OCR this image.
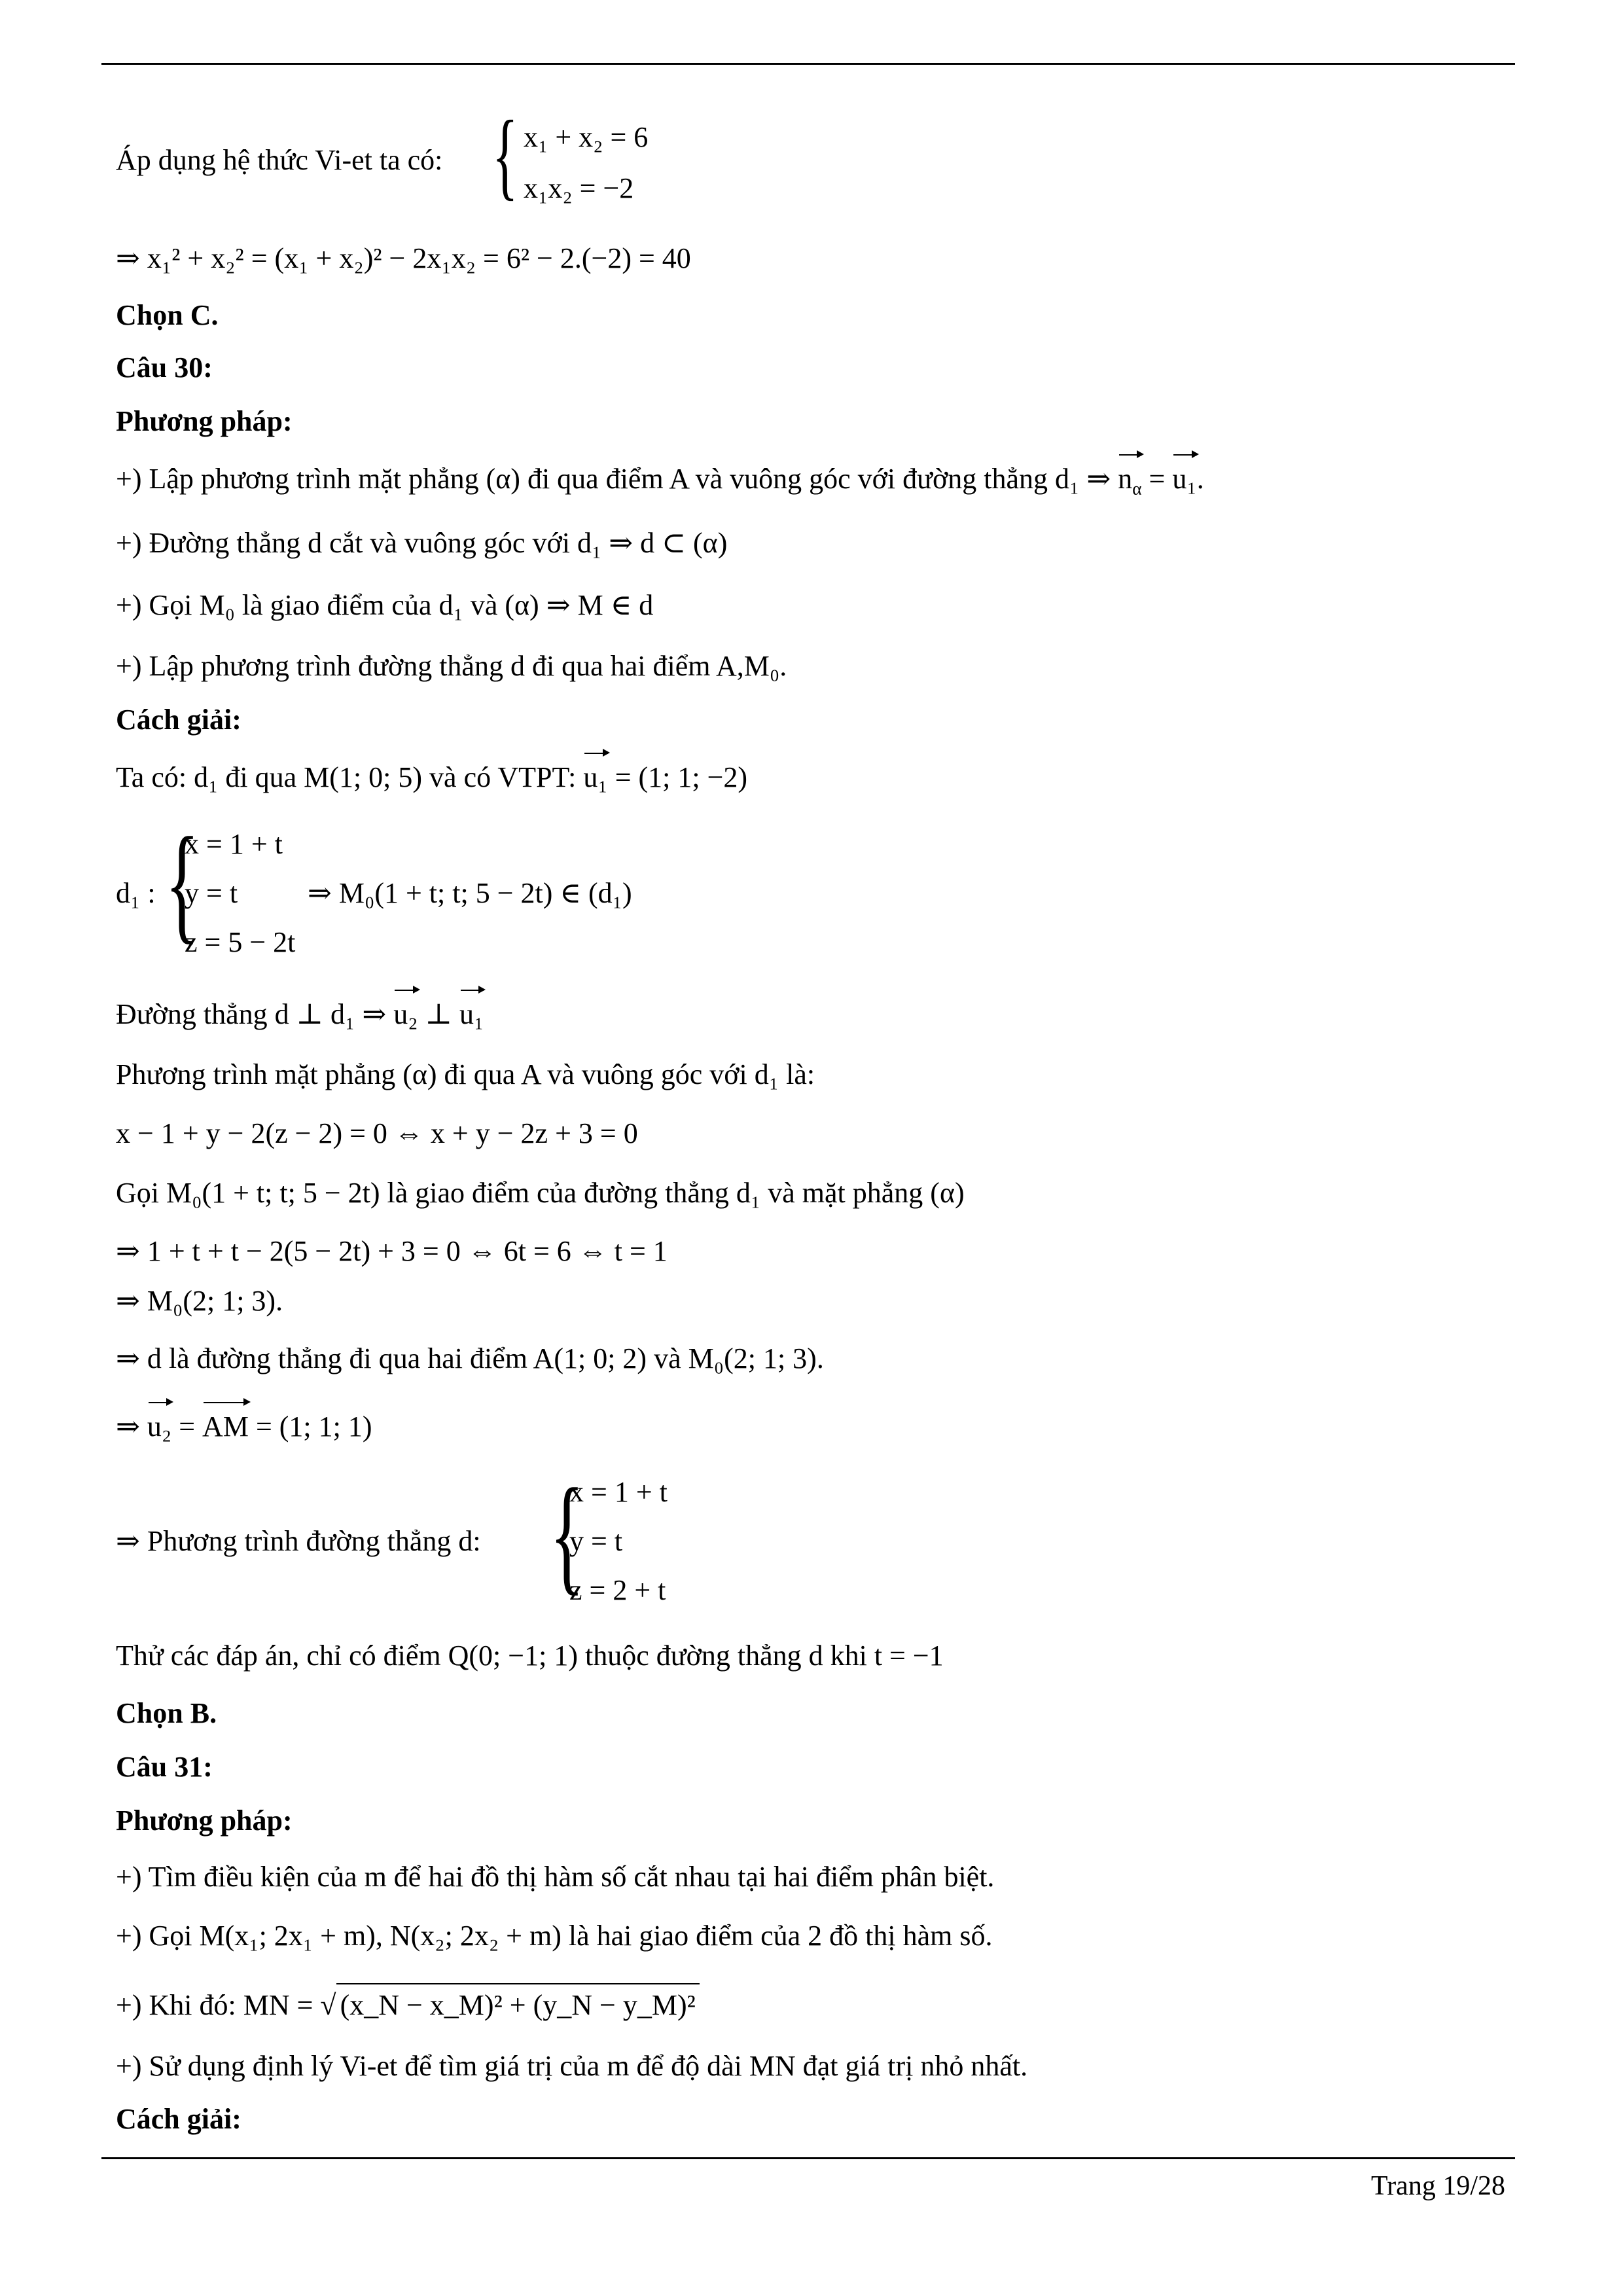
Áp dụng hệ thức Vi-et ta có: { x₁ + x₂ = 6
x₁x₂ = −2
⇒ x₁² + x₂² = (x₁ + x₂)² − 2x₁x₂ = 6² − 2.(−2) = 40
Chọn C.
Câu 30:
Phương pháp:
+) Lập phương trình mặt phẳng (α) đi qua điểm A và vuông góc với đường thẳng d₁ ⇒ $n_\alpha = u_1$.
+) Đường thẳng d cắt và vuông góc với d₁ ⇒ d ⊂ (α)
+) Gọi M₀ là giao điểm của d₁ và (α) ⇒ M ∈ d
+) Lập phương trình đường thẳng d đi qua hai điểm A,M₀.
Cách giải:
Ta có: d₁ đi qua M(1; 0; 5) và có VTPT: u₁ = (1; 1; −2)
d₁ : {
x = 1 + t
y = t
z = 5 − 2t
⇒ M₀(1 + t; t; 5 − 2t) ∈ (d₁)
Đường thẳng d ⊥ d₁ ⇒ u₂ ⊥ u₁
Phương trình mặt phẳng (α) đi qua A và vuông góc với d₁ là:
x − 1 + y − 2(z − 2) = 0 ⇔ x + y − 2z + 3 = 0
Gọi M₀(1 + t; t; 5 − 2t) là giao điểm của đường thẳng d₁ và mặt phẳng (α)
⇒ 1 + t + t − 2(5 − 2t) + 3 = 0 ⇔ 6t = 6 ⇔ t = 1
⇒ M₀(2; 1; 3).
⇒ d là đường thẳng đi qua hai điểm A(1; 0; 2) và M₀(2; 1; 3).
⇒ u₂ = AM = (1; 1; 1)
⇒ Phương trình đường thẳng d: {
x = 1 + t
y = t
z = 2 + t
Thử các đáp án, chỉ có điểm Q(0; −1; 1) thuộc đường thẳng d khi t = −1
Chọn B.
Câu 31:
Phương pháp:
+) Tìm điều kiện của m để hai đồ thị hàm số cắt nhau tại hai điểm phân biệt.
+) Gọi M(x₁; 2x₁ + m), N(x₂; 2x₂ + m) là hai giao điểm của 2 đồ thị hàm số.
+) Khi đó: MN = √ (x_N − x_M)² + (y_N − y_M)²
+) Sử dụng định lý Vi-et để tìm giá trị của m để độ dài MN đạt giá trị nhỏ nhất.
Cách giải:
Trang 19/28
